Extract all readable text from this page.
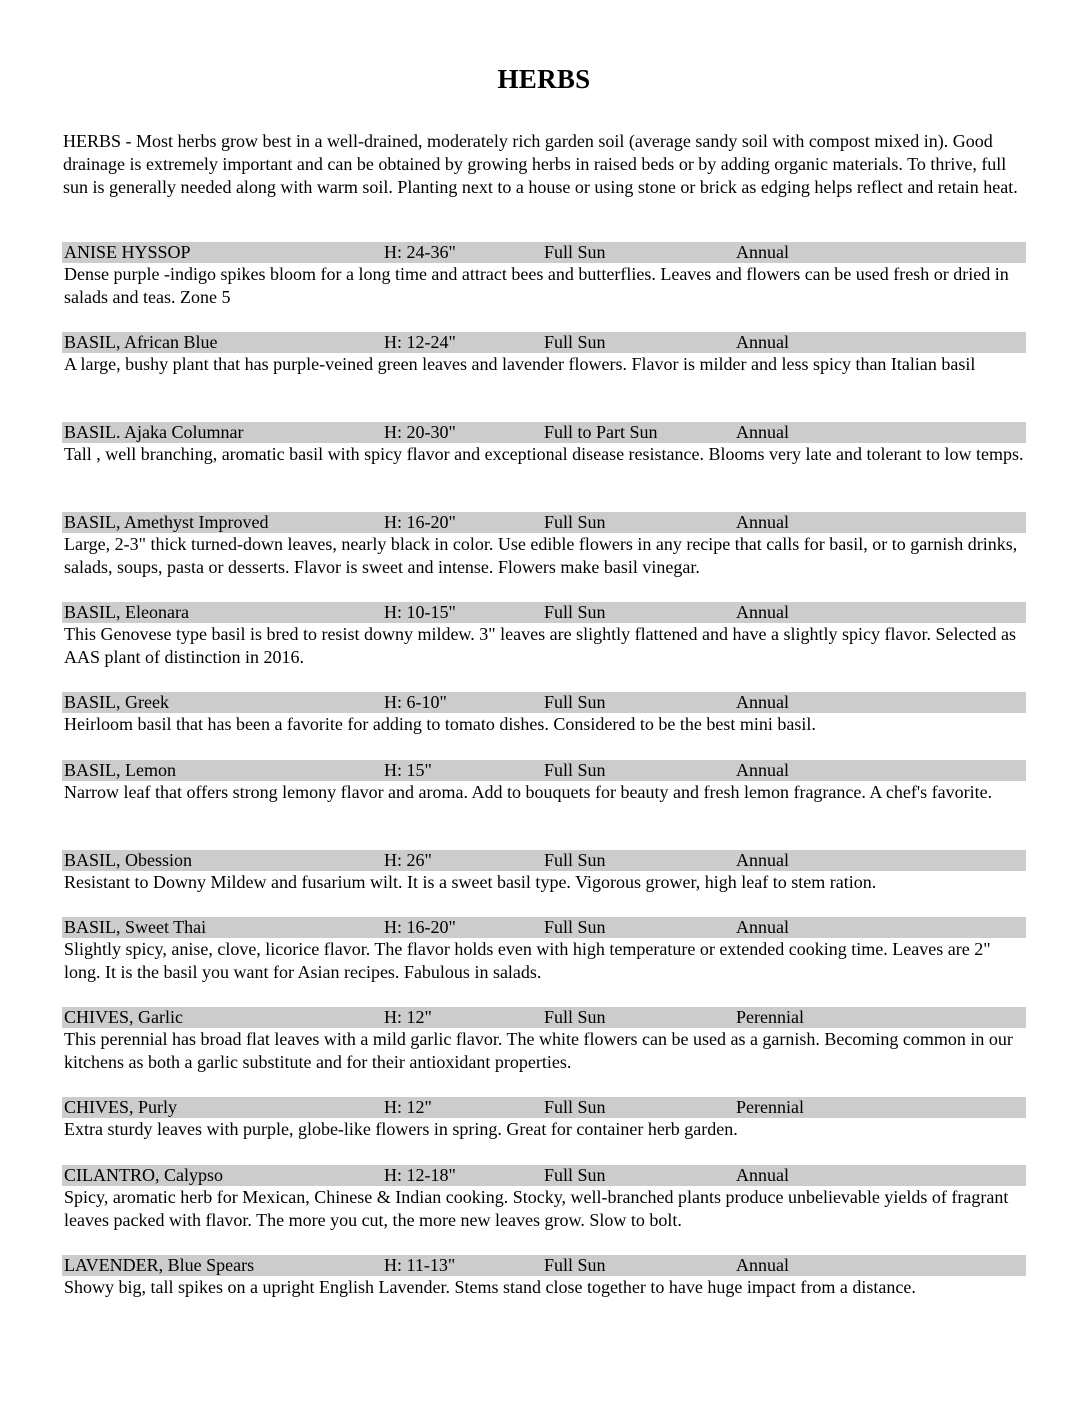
HERBS
HERBS - Most herbs grow best in a well-drained, moderately rich garden soil (average sandy soil with compost mixed in). Good drainage is extremely important and can be obtained by growing herbs in raised beds or by adding organic materials. To thrive, full sun is generally needed along with warm soil. Planting next to a house or using stone or brick as edging helps reflect and retain heat.
ANISE HYSSOP	H: 24-36"	Full Sun	Annual
Dense purple -indigo spikes bloom for a long time and attract bees and butterflies. Leaves and flowers can be used fresh or dried in salads and teas. Zone 5
BASIL, African Blue	H: 12-24"	Full Sun	Annual
A large, bushy plant that has purple-veined green leaves and lavender flowers. Flavor is milder and less spicy than Italian basil
BASIL. Ajaka Columnar	H: 20-30"	Full to Part Sun	Annual
Tall , well branching, aromatic basil with spicy flavor and exceptional disease resistance. Blooms very late and tolerant to low temps.
BASIL, Amethyst Improved	H: 16-20"	Full Sun	Annual
Large, 2-3" thick turned-down leaves, nearly black in color. Use edible flowers in any recipe that calls for basil, or to garnish drinks, salads, soups, pasta or desserts. Flavor is sweet and intense. Flowers make basil vinegar.
BASIL, Eleonara	H: 10-15"	Full Sun	Annual
This Genovese type basil is bred to resist downy mildew. 3" leaves are slightly flattened and have a slightly spicy flavor. Selected as AAS plant of distinction in 2016.
BASIL, Greek	H: 6-10"	Full Sun	Annual
Heirloom basil that has been a favorite for adding to tomato dishes. Considered to be the best mini basil.
BASIL, Lemon	H: 15"	Full Sun	Annual
Narrow leaf that offers strong lemony flavor and aroma. Add to bouquets for beauty and fresh lemon fragrance. A chef's favorite.
BASIL, Obession	H: 26"	Full Sun	Annual
Resistant to Downy Mildew and fusarium wilt. It is a sweet basil type. Vigorous grower, high leaf to stem ration.
BASIL, Sweet Thai	H: 16-20"	Full Sun	Annual
Slightly spicy, anise, clove, licorice flavor. The flavor holds even with high temperature or extended cooking time. Leaves are 2" long. It is the basil you want for Asian recipes. Fabulous in salads.
CHIVES, Garlic	H: 12"	Full Sun	Perennial
This perennial has broad flat leaves with a mild garlic flavor. The white flowers can be used as a garnish. Becoming common in our kitchens as both a garlic substitute and for their antioxidant properties.
CHIVES, Purly	H: 12"	Full Sun	Perennial
Extra sturdy leaves with purple, globe-like flowers in spring. Great for container herb garden.
CILANTRO, Calypso	H: 12-18"	Full Sun	Annual
Spicy, aromatic herb for Mexican, Chinese & Indian cooking. Stocky, well-branched plants produce unbelievable yields of fragrant leaves packed with flavor. The more you cut, the more new leaves grow. Slow to bolt.
LAVENDER, Blue Spears	H: 11-13"	Full Sun	Annual
Showy big, tall spikes on a upright English Lavender. Stems stand close together to have huge impact from a distance.
